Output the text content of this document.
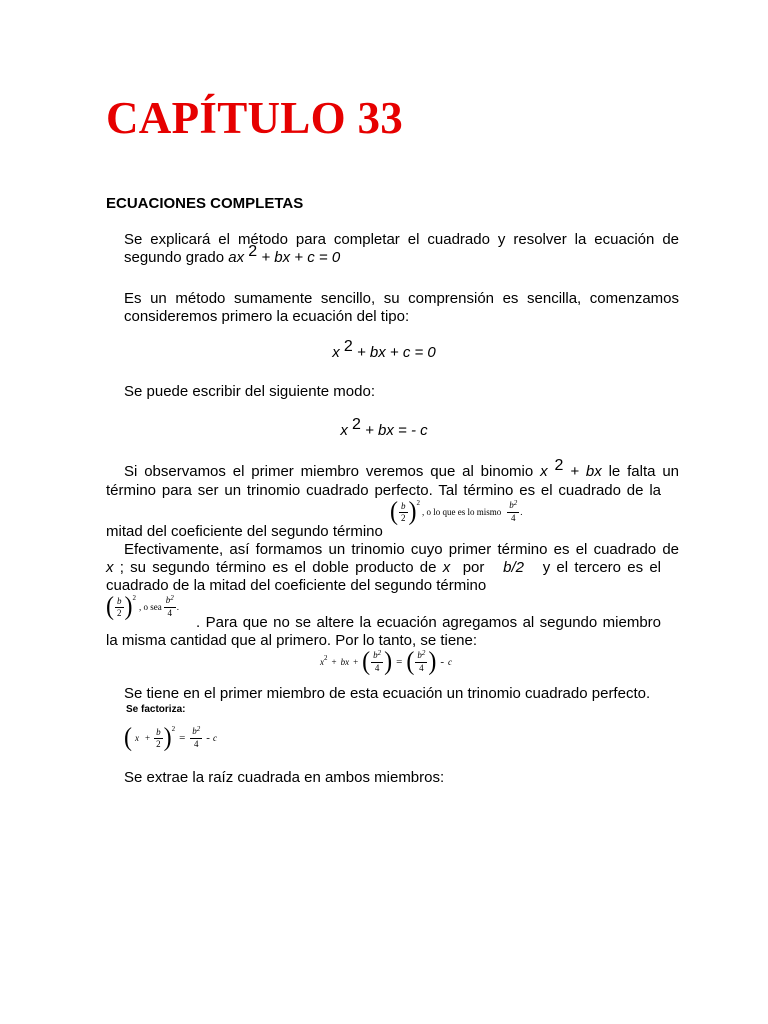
CAPÍTULO 33
ECUACIONES COMPLETAS

Se explicará el método para completar el cuadrado y resolver la ecuación de segundo grado ax 2 + bx + c = 0

Es un método sumamente sencillo, su comprensión es sencilla, comenzamos consideremos primero la ecuación del tipo:

x 2 + bx + c = 0

Se puede escribir del siguiente modo:

x 2 + bx = - c

Si observamos el primer miembro veremos que al binomio x 2 + bx le falta un

término para ser un trinomio cuadrado perfecto. Tal término es el cuadrado de la

mitad del coeficiente del segundo término

( $\frac{b}{2}$ ) 2
, o lo que es lo mismo $\frac{b^2}{4}$ .

Efectivamente, así formamos un trinomio cuyo primer término es el cuadrado de

x ; su segundo término es el doble producto de x por b/2 y el tercero es el

cuadrado de la mitad del coeficiente del segundo término

( $\frac{b}{2}$ ) 2
, o sea $\frac{b^2}{4}$ .

. Para que no se altere la ecuación agregamos al segundo miembro

la misma cantidad que al primero. Por lo tanto, se tiene:

x 2 + bx + ( $\frac{b^2}{4}$ ) = ( $\frac{b^2}{4}$ ) - c

Se tiene en el primer miembro de esta ecuación un trinomio cuadrado perfecto.

Se factoriza:
( $x + \frac{b}{2}$ ) 2
= $\frac{b^2}{4}$ - c

Se extrae la raíz cuadrada en ambos miembros:
